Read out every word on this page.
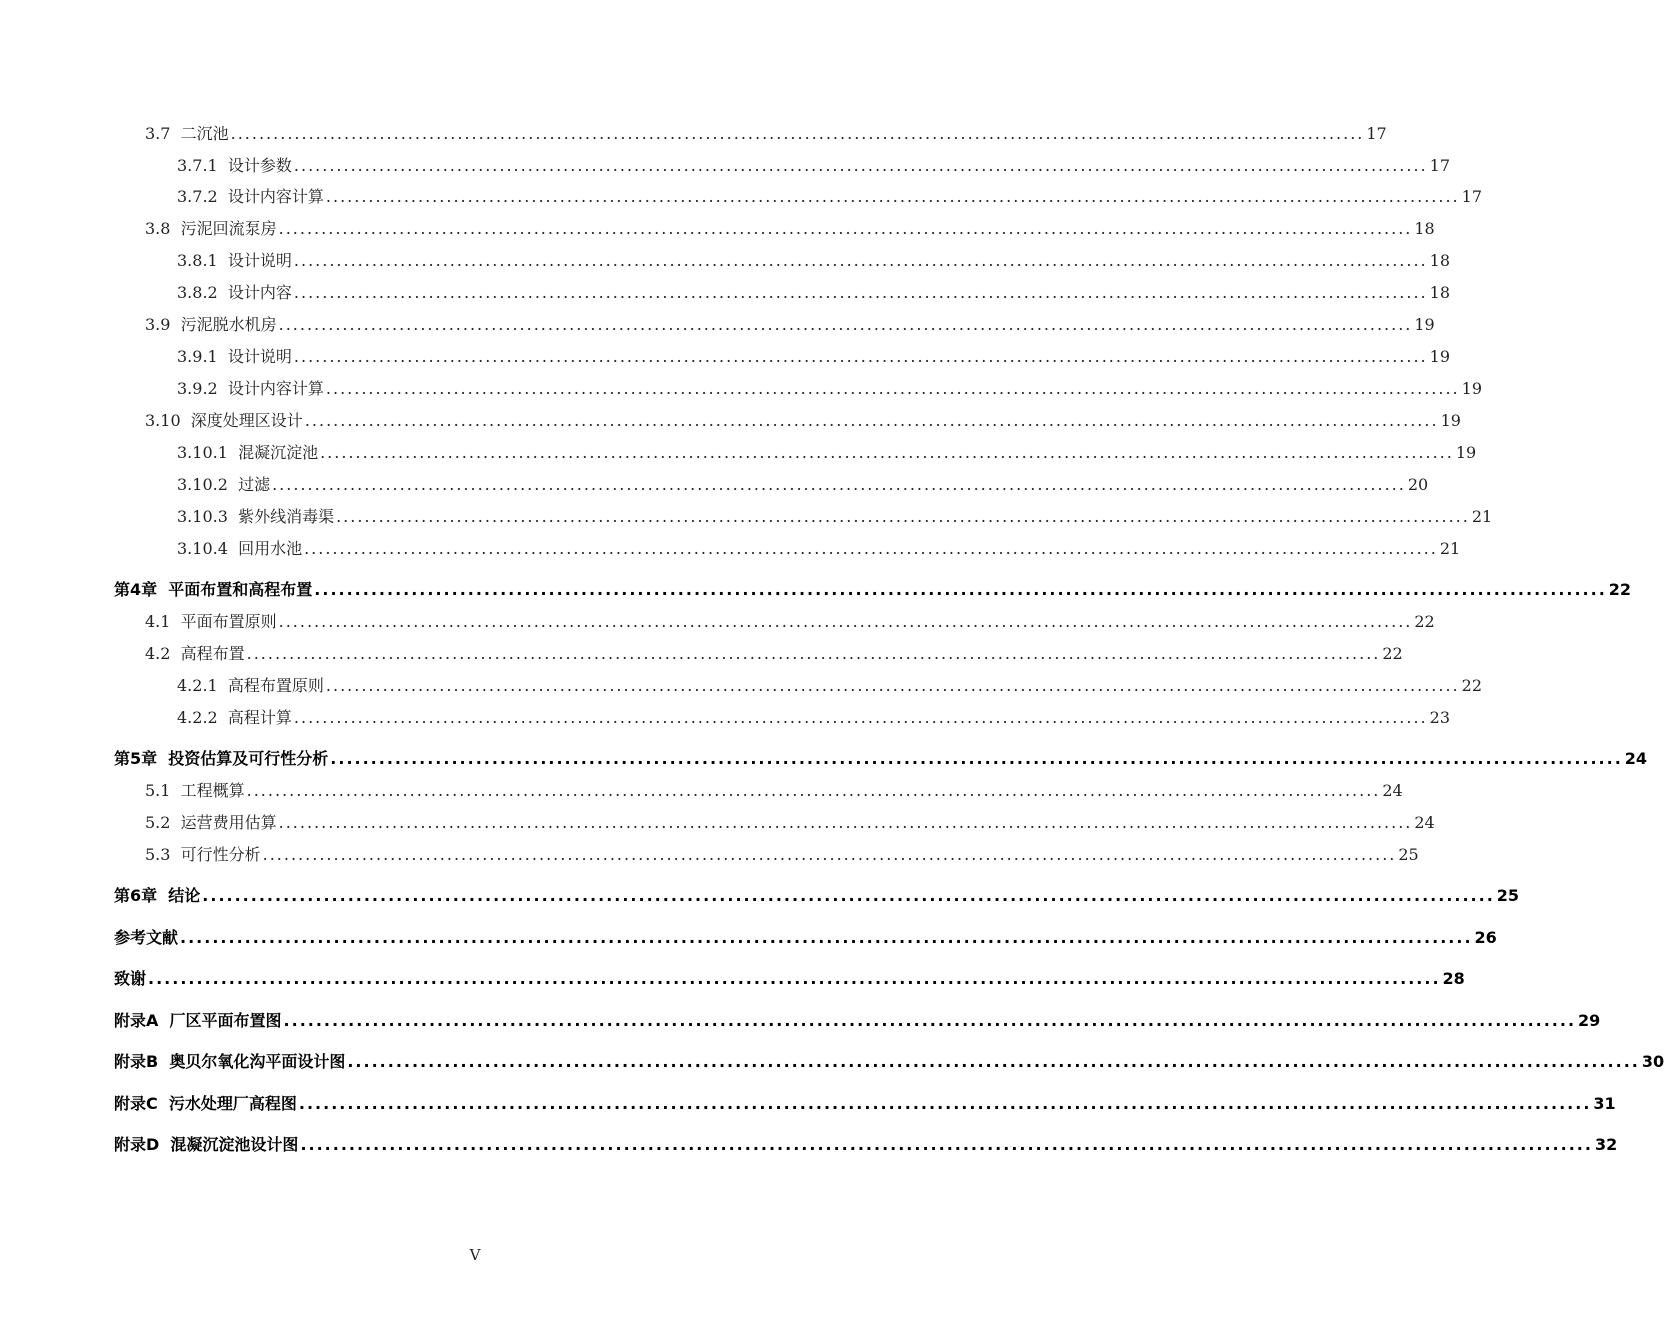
3.7  二沉池 ................................................................................................................................................................ 17
3.7.1  设计参数 ................................................................................................................................................................ 17
3.7.2  设计内容计算 ................................................................................................................................................................ 17
3.8  污泥回流泵房 ................................................................................................................................................................ 18
3.8.1  设计说明 ................................................................................................................................................................ 18
3.8.2  设计内容 ................................................................................................................................................................ 18
3.9  污泥脱水机房 ................................................................................................................................................................ 19
3.9.1  设计说明 ................................................................................................................................................................ 19
3.9.2  设计内容计算 ................................................................................................................................................................ 19
3.10  深度处理区设计 ................................................................................................................................................................ 19
3.10.1  混凝沉淀池 ................................................................................................................................................................ 19
3.10.2  过滤 ................................................................................................................................................................ 20
3.10.3  紫外线消毒渠 ................................................................................................................................................................ 21
3.10.4  回用水池 ................................................................................................................................................................ 21
第4章  平面布置和高程布置 ................................................................................................................................................................ 22
4.1  平面布置原则 ................................................................................................................................................................ 22
4.2  高程布置 ................................................................................................................................................................ 22
4.2.1  高程布置原则 ................................................................................................................................................................ 22
4.2.2  高程计算 ................................................................................................................................................................ 23
第5章  投资估算及可行性分析 ................................................................................................................................................................ 24
5.1  工程概算 ................................................................................................................................................................ 24
5.2  运营费用估算 ................................................................................................................................................................ 24
5.3  可行性分析 ................................................................................................................................................................ 25
第6章  结论 ................................................................................................................................................................ 25
参考文献 ................................................................................................................................................................ 26
致谢 ................................................................................................................................................................ 28
附录A  厂区平面布置图 ................................................................................................................................................................ 29
附录B  奥贝尔氧化沟平面设计图 ................................................................................................................................................................ 30
附录C  污水处理厂高程图 ................................................................................................................................................................ 31
附录D  混凝沉淀池设计图 ................................................................................................................................................................ 32
V
